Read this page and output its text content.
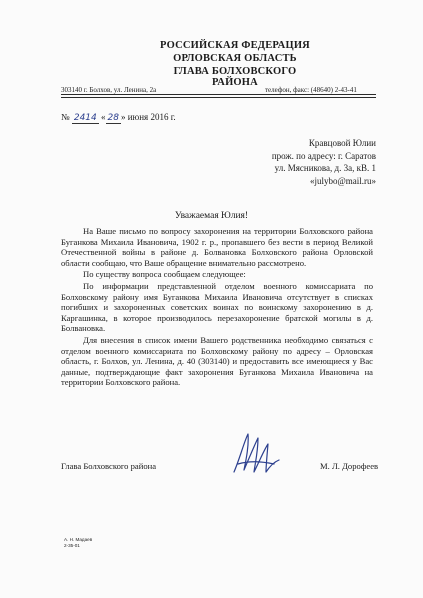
РОССИЙСКАЯ ФЕДЕРАЦИЯ
ОРЛОВСКАЯ ОБЛАСТЬ
ГЛАВА БОЛХОВСКОГО РАЙОНА
303140 г. Болхов, ул. Ленина, 2а	телефон, факс: (48640) 2-43-41
№ 2414 « 28 » июня 2016 г.
Кравцовой Юлии
прож. по адресу: г. Саратов
ул. Мясникова, д. 3а, кВ. 1
«julybo@mail.ru»
Уважаемая Юлия!

На Ваше письмо по вопросу захоронения на территории Болховского района Буганкова Михаила Ивановича, 1902 г. р., пропавшего без вести в период Великой Отечественной войны в районе д. Болвановка Болховского района Орловской области сообщаю, что Ваше обращение внимательно рассмотрено.

По существу вопроса сообщаем следующее:

По информации представленной отделом военного комиссариата по Болховскому району имя Буганкова Михаила Ивановича отсутствует в списках погибших и захороненных советских воинах по воинскому захоронению в д. Каргашинка, в которое производилось перезахоронение братской могилы в д. Болвановка.

Для внесения в список имени Вашего родственника необходимо связаться с отделом военного комиссариата по Болховскому району по адресу – Орловская область, г. Болхов, ул. Ленина, д. 40 (303140) и предоставить все имеющиеся у Вас данные, подтверждающие факт захоронения Буганкова Михаила Ивановича на территории Болховского района.

Глава Болховского района	М. Л. Дорофеев
А. Н. Мадаев
2-35-01
